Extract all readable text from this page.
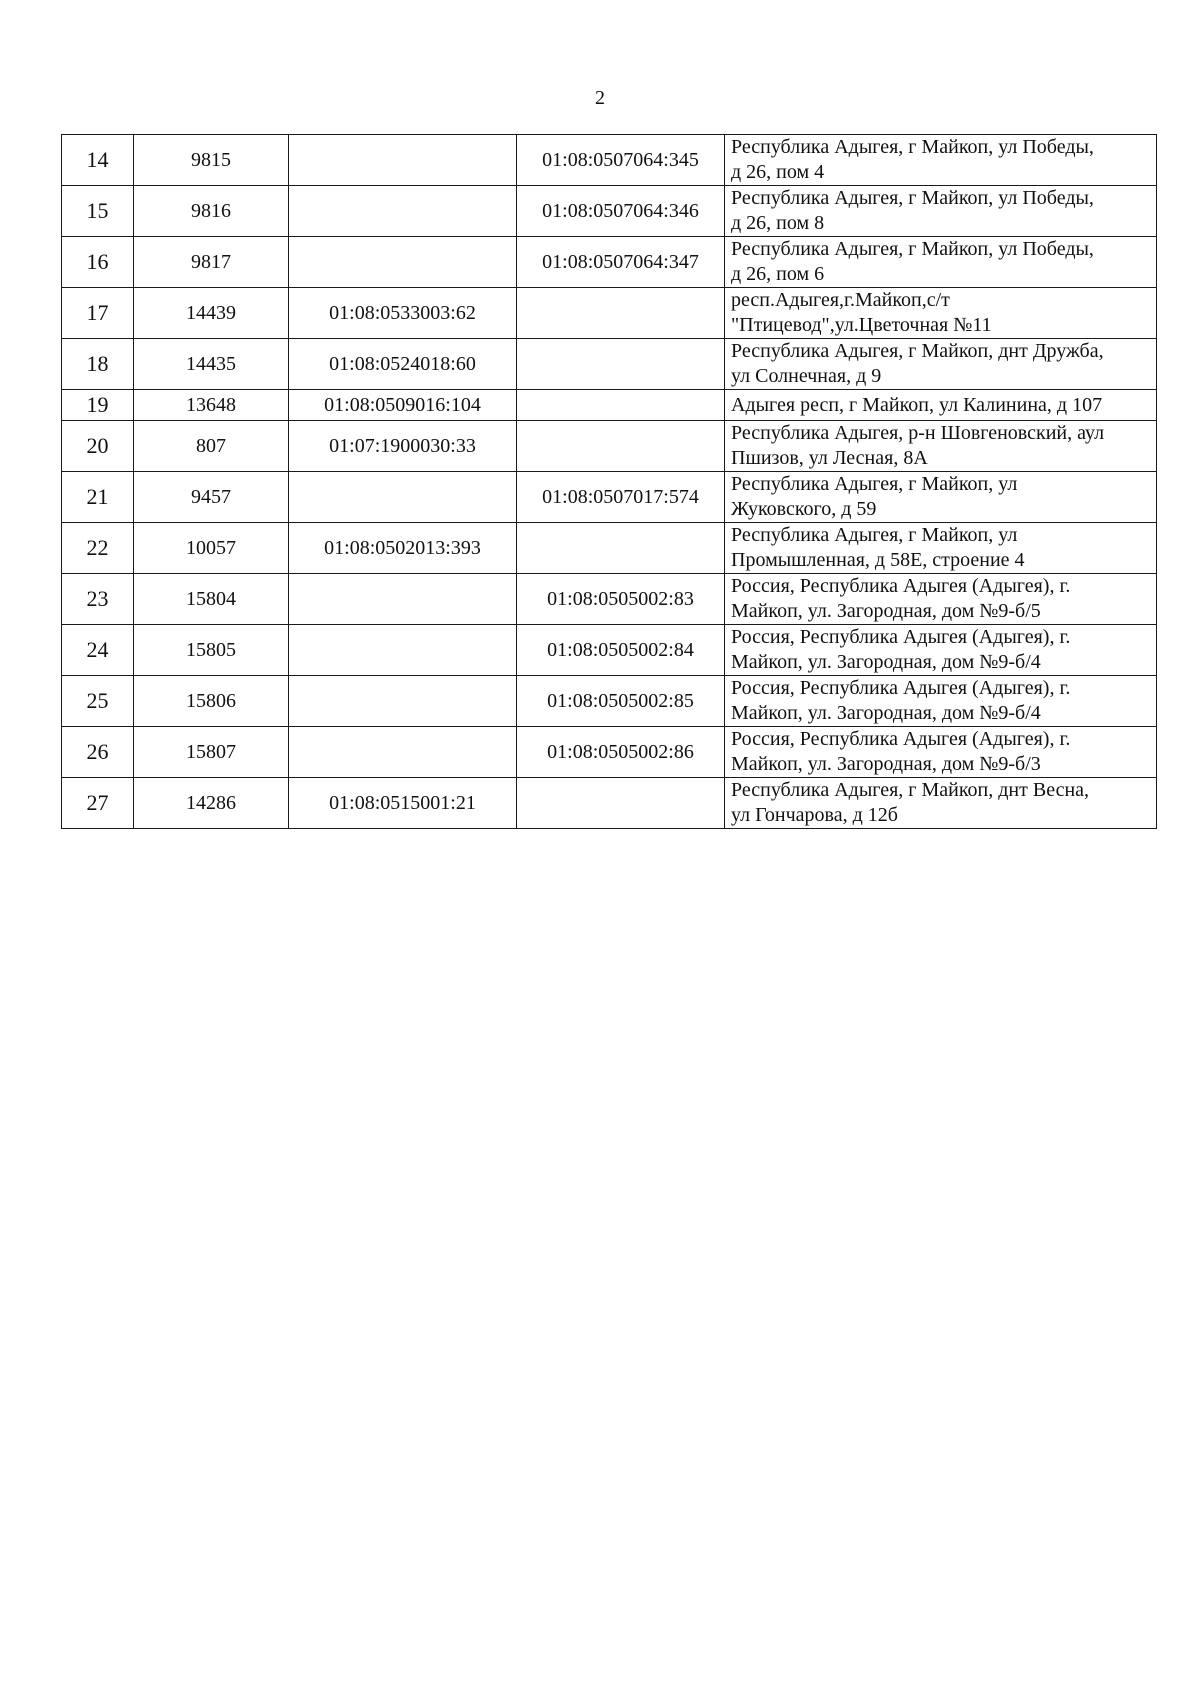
2
14	9815		01:08:0507064:345	Республика Адыгея, г Майкоп, ул Победы,
д 26, пом 4

15	9816		01:08:0507064:346	Республика Адыгея, г Майкоп, ул Победы,
д 26, пом 8

16	9817		01:08:0507064:347	Республика Адыгея, г Майкоп, ул Победы,
д 26, пом 6

17	14439	01:08:0533003:62		респ.Адыгея,г.Майкоп,с/т
"Птицевод",ул.Цветочная №11

18	14435	01:08:0524018:60		Республика Адыгея, г Майкоп, днт Дружба,
ул Солнечная, д 9

19	13648	01:08:0509016:104		Адыгея респ, г Майкоп, ул Калинина, д 107

20	807	01:07:1900030:33		Республика Адыгея, р-н Шовгеновский, аул
Пшизов, ул Лесная, 8А

21	9457		01:08:0507017:574	Республика Адыгея, г Майкоп, ул
Жуковского, д 59

22	10057	01:08:0502013:393		Республика Адыгея, г Майкоп, ул
Промышленная, д 58Е, строение 4

23	15804		01:08:0505002:83	Россия, Республика Адыгея (Адыгея), г.
Майкоп, ул. Загородная, дом №9-б/5

24	15805		01:08:0505002:84	Россия, Республика Адыгея (Адыгея), г.
Майкоп, ул. Загородная, дом №9-б/4

25	15806		01:08:0505002:85	Россия, Республика Адыгея (Адыгея), г.
Майкоп, ул. Загородная, дом №9-б/4

26	15807		01:08:0505002:86	Россия, Республика Адыгея (Адыгея), г.
Майкоп, ул. Загородная, дом №9-б/3

27	14286	01:08:0515001:21		Республика Адыгея, г Майкоп, днт Весна,
ул Гончарова, д 12б
